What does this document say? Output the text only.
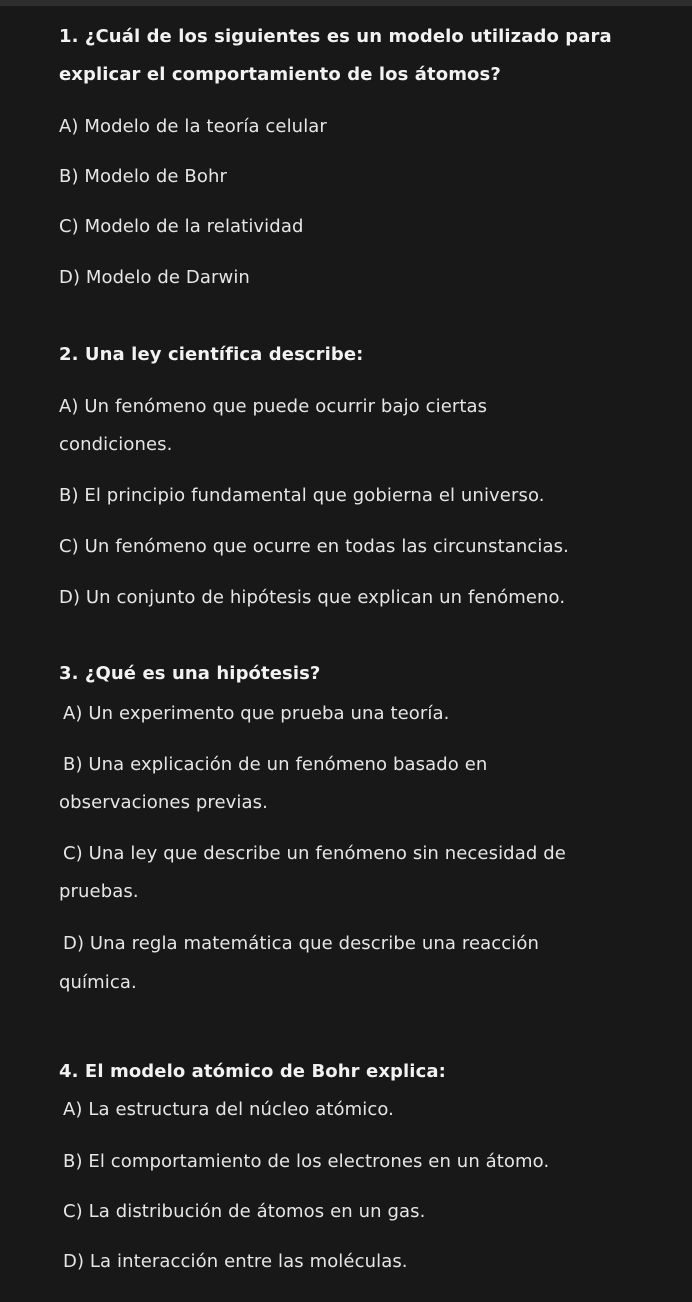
1. ¿Cuál de los siguientes es un modelo utilizado para
explicar el comportamiento de los átomos?
A) Modelo de la teoría celular
B) Modelo de Bohr
C) Modelo de la relatividad
D) Modelo de Darwin
2. Una ley científica describe:
A) Un fenómeno que puede ocurrir bajo ciertas
condiciones.
B) El principio fundamental que gobierna el universo.
C) Un fenómeno que ocurre en todas las circunstancias.
D) Un conjunto de hipótesis que explican un fenómeno.
3. ¿Qué es una hipótesis?
A) Un experimento que prueba una teoría.
B) Una explicación de un fenómeno basado en
observaciones previas.
C) Una ley que describe un fenómeno sin necesidad de
pruebas.
D) Una regla matemática que describe una reacción
química.
4. El modelo atómico de Bohr explica:
A) La estructura del núcleo atómico.
B) El comportamiento de los electrones en un átomo.
C) La distribución de átomos en un gas.
D) La interacción entre las moléculas.
